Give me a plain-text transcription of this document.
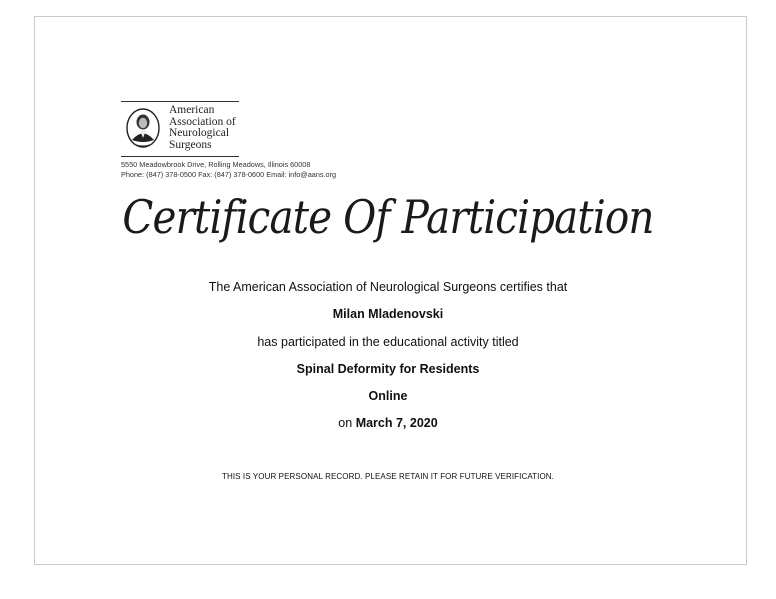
American
Association of
Neurological
Surgeons
5550 Meadowbrook Drive, Rolling Meadows, Illinois 60008
Phone: (847) 378-0500 Fax: (847) 378-0600 Email: info@aans.org
Certificate Of Participation
The American Association of Neurological Surgeons certifies that
Milan Mladenovski
has participated in the educational activity titled
Spinal Deformity for Residents
Online
on March 7, 2020
THIS IS YOUR PERSONAL RECORD. PLEASE RETAIN IT FOR FUTURE VERIFICATION.
